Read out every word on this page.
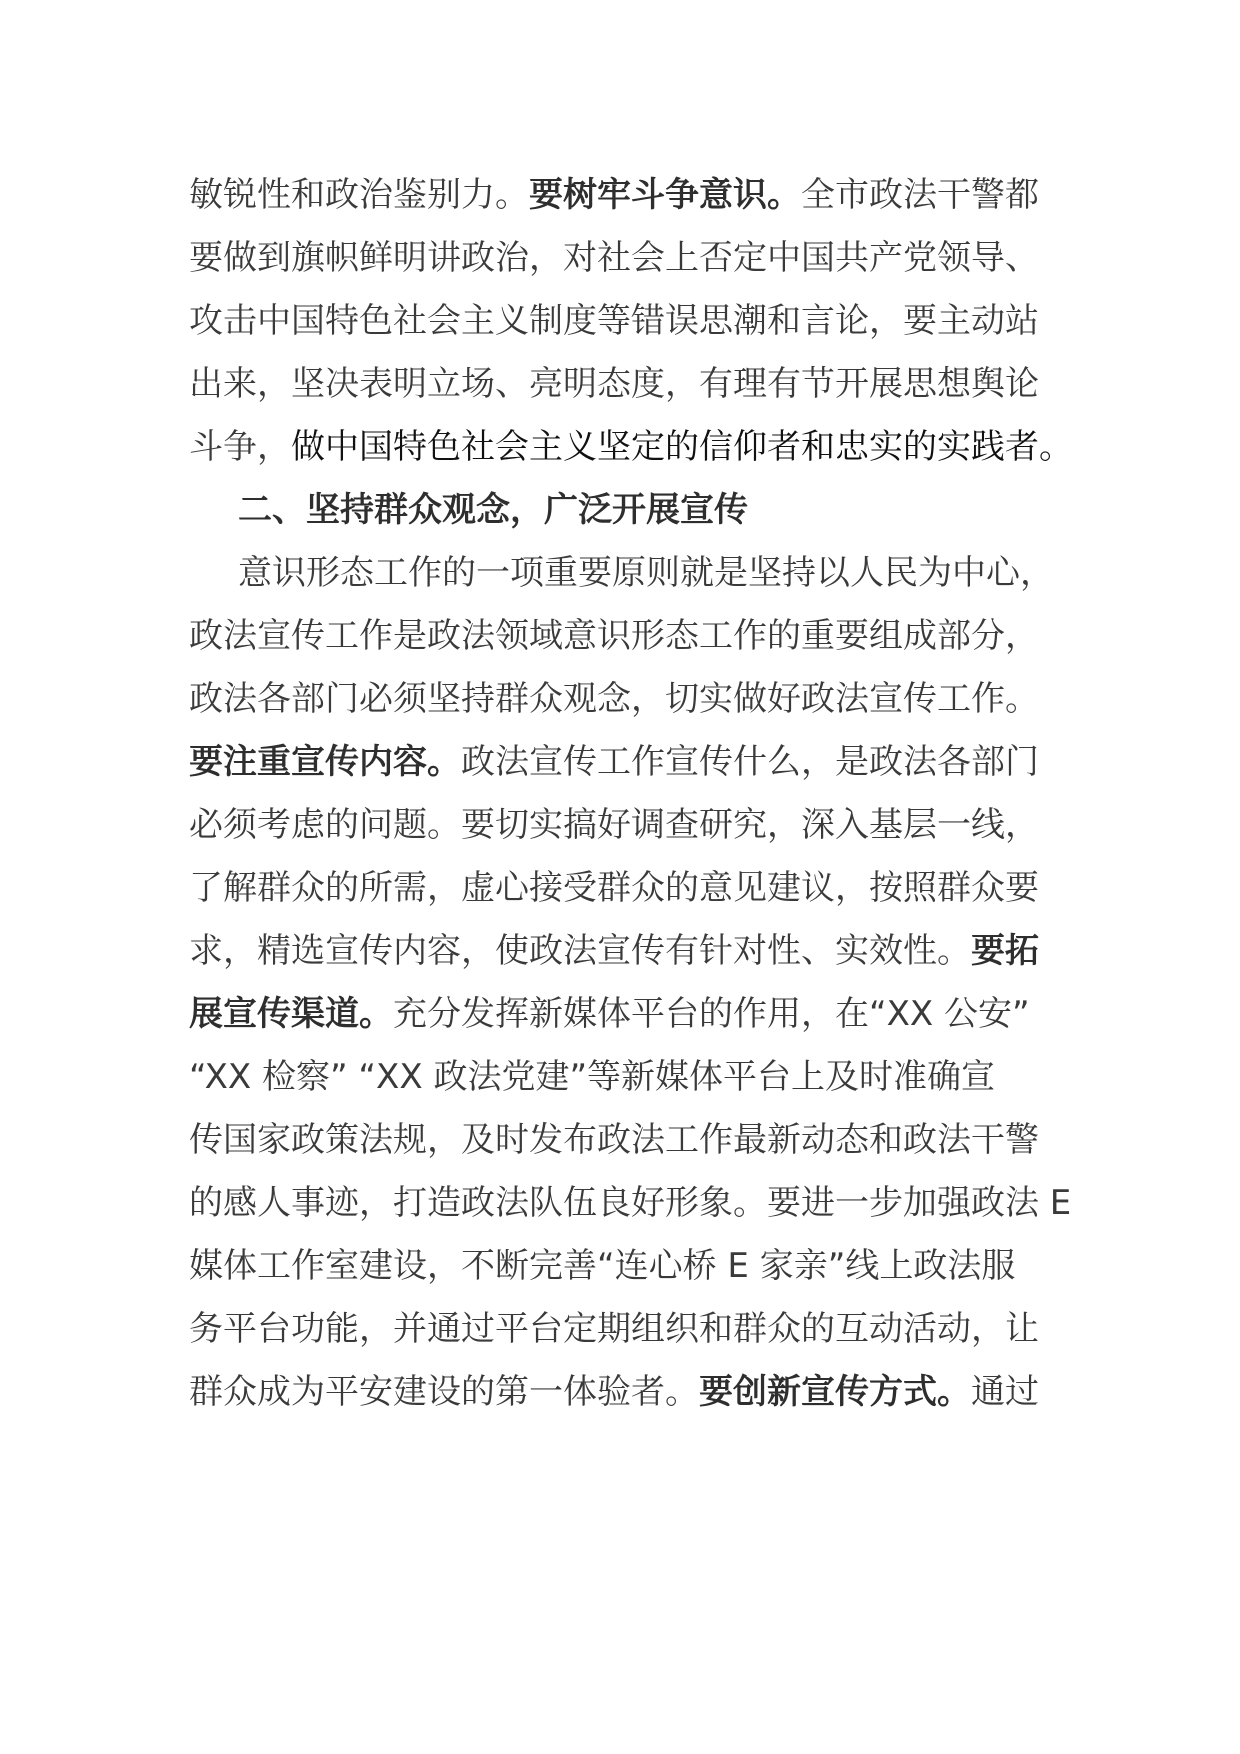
敏锐性和政治鉴别力。要树牢斗争意识。全市政法干警都
要做到旗帜鲜明讲政治，对社会上否定中国共产党领导、
攻击中国特色社会主义制度等错误思潮和言论，要主动站
出来，坚决表明立场、亮明态度，有理有节开展思想舆论
斗争，做中国特色社会主义坚定的信仰者和忠实的实践者。
二、坚持群众观念，广泛开展宣传
意识形态工作的一项重要原则就是坚持以人民为中心，
政法宣传工作是政法领域意识形态工作的重要组成部分，
政法各部门必须坚持群众观念，切实做好政法宣传工作。
要注重宣传内容。政法宣传工作宣传什么，是政法各部门
必须考虑的问题。要切实搞好调查研究，深入基层一线，
了解群众的所需，虚心接受群众的意见建议，按照群众要
求，精选宣传内容，使政法宣传有针对性、实效性。要拓
展宣传渠道。充分发挥新媒体平台的作用，在“XX 公安”
“XX 检察” “XX 政法党建”等新媒体平台上及时准确宣
传国家政策法规，及时发布政法工作最新动态和政法干警
的感人事迹，打造政法队伍良好形象。要进一步加强政法 E
媒体工作室建设，不断完善“连心桥 E 家亲”线上政法服
务平台功能，并通过平台定期组织和群众的互动活动，让
群众成为平安建设的第一体验者。要创新宣传方式。通过
